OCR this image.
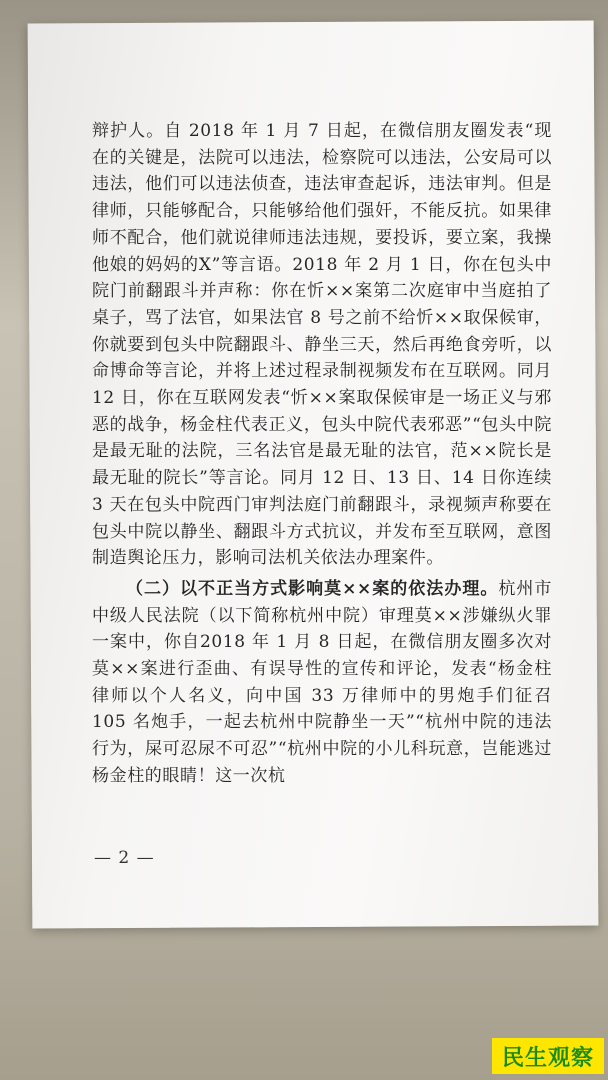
辩护人。自 2018 年 1 月 7 日起，在微信朋友圈发表“现在的关键是，法院可以违法，检察院可以违法，公安局可以违法，他们可以违法侦查，违法审查起诉，违法审判。但是律师，只能够配合，只能够给他们强奸，不能反抗。如果律师不配合，他们就说律师违法违规，要投诉，要立案，我操他娘的妈妈的X”等言语。2018 年 2 月 1 日，你在包头中院门前翻跟斗并声称：你在忻××案第二次庭审中当庭拍了桌子，骂了法官，如果法官 8 号之前不给忻××取保候审，你就要到包头中院翻跟斗、静坐三天，然后再绝食旁听，以命博命等言论，并将上述过程录制视频发布在互联网。同月 12 日，你在互联网发表“忻××案取保候审是一场正义与邪恶的战争，杨金柱代表正义，包头中院代表邪恶”“包头中院是最无耻的法院，三名法官是最无耻的法官，范××院长是最无耻的院长”等言论。同月 12 日、13 日、14 日你连续 3 天在包头中院西门审判法庭门前翻跟斗，录视频声称要在包头中院以静坐、翻跟斗方式抗议，并发布至互联网，意图制造舆论压力，影响司法机关依法办理案件。

（二）以不正当方式影响莫××案的依法办理。杭州市中级人民法院（以下简称杭州中院）审理莫××涉嫌纵火罪一案中，你自2018 年 1 月 8 日起，在微信朋友圈多次对莫××案进行歪曲、有误导性的宣传和评论，发表“杨金柱律师以个人名义，向中国 33 万律师中的男炮手们征召 105 名炮手，一起去杭州中院静坐一天”“杭州中院的违法行为，屎可忍尿不可忍”“杭州中院的小儿科玩意，岂能逃过杨金柱的眼睛！这一次杭

— 2 —
民生观察
